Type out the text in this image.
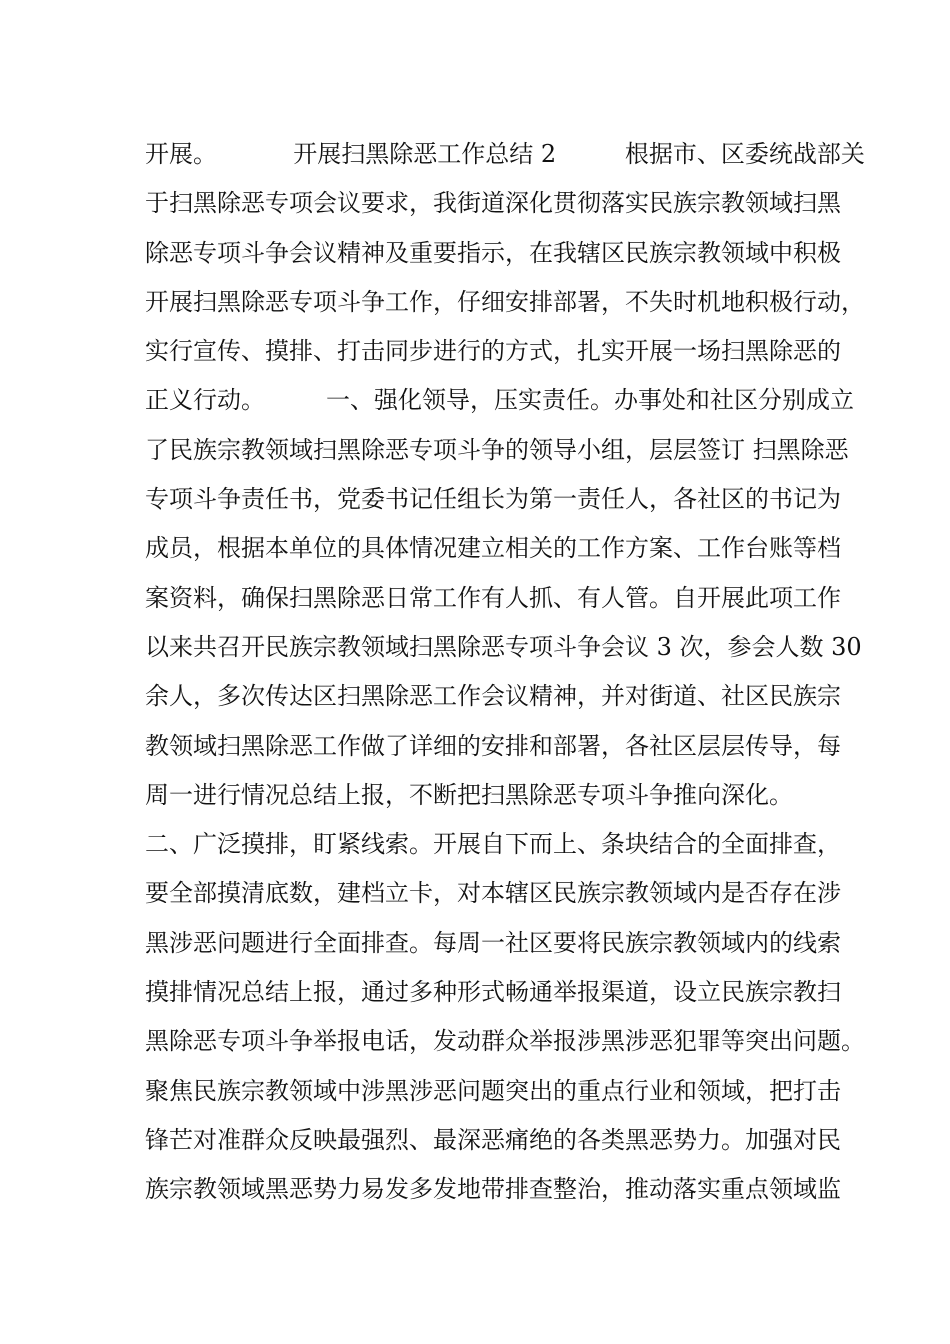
开展。          开展扫黑除恶工作总结 2         根据市、区委统战部关
于扫黑除恶专项会议要求，我街道深化贯彻落实民族宗教领域扫黑
除恶专项斗争会议精神及重要指示，在我辖区民族宗教领域中积极
开展扫黑除恶专项斗争工作，仔细安排部署，不失时机地积极行动，
实行宣传、摸排、打击同步进行的方式，扎实开展一场扫黑除恶的
正义行动。        一、强化领导，压实责任。办事处和社区分别成立
了民族宗教领域扫黑除恶专项斗争的领导小组，层层签订 扫黑除恶
专项斗争责任书，党委书记任组长为第一责任人，各社区的书记为
成员，根据本单位的具体情况建立相关的工作方案、工作台账等档
案资料，确保扫黑除恶日常工作有人抓、有人管。自开展此项工作
以来共召开民族宗教领域扫黑除恶专项斗争会议 3 次，参会人数 30
余人，多次传达区扫黑除恶工作会议精神，并对街道、社区民族宗
教领域扫黑除恶工作做了详细的安排和部署，各社区层层传导，每
周一进行情况总结上报，不断把扫黑除恶专项斗争推向深化。
二、广泛摸排，盯紧线索。开展自下而上、条块结合的全面排查，
要全部摸清底数，建档立卡，对本辖区民族宗教领域内是否存在涉
黑涉恶问题进行全面排查。每周一社区要将民族宗教领域内的线索
摸排情况总结上报，通过多种形式畅通举报渠道，设立民族宗教扫
黑除恶专项斗争举报电话，发动群众举报涉黑涉恶犯罪等突出问题。
聚焦民族宗教领域中涉黑涉恶问题突出的重点行业和领域，把打击
锋芒对准群众反映最强烈、最深恶痛绝的各类黑恶势力。加强对民
族宗教领域黑恶势力易发多发地带排查整治，推动落实重点领域监
